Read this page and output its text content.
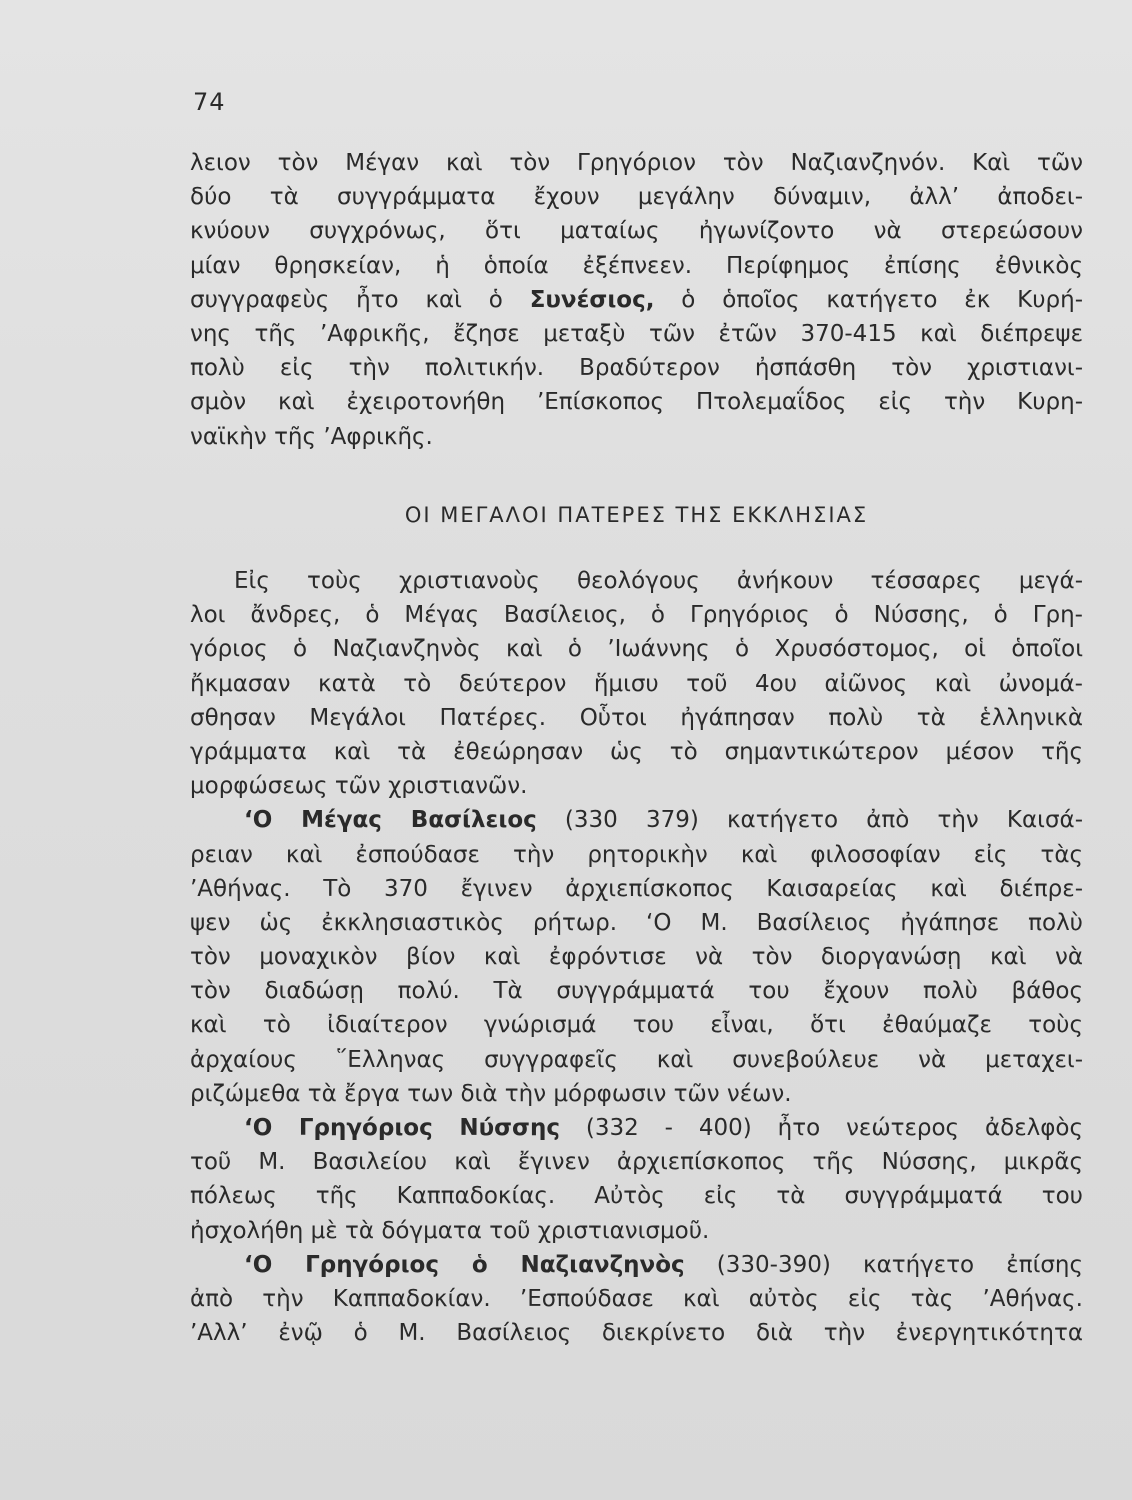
74
λειον τὸν Μέγαν καὶ τὸν Γρηγόριον τὸν Ναζιανζηνόν. Καὶ τῶν
δύο τὰ συγγράμματα ἔχουν μεγάλην δύναμιν, ἀλλ’ ἀποδει-
κνύουν συγχρόνως, ὅτι ματαίως ἠγωνίζοντο νὰ στερεώσουν
μίαν θρησκείαν, ἡ ὁποία ἐξέπνεεν. Περίφημος ἐπίσης ἐθνικὸς
συγγραφεὺς ἦτο καὶ ὁ Συνέσιος, ὁ ὁποῖος κατήγετο ἐκ Κυρή-
νης τῆς ’Αφρικῆς, ἔζησε μεταξὺ τῶν ἐτῶν 370-415 καὶ διέπρεψε
πολὺ εἰς τὴν πολιτικήν. Βραδύτερον ἠσπάσθη τὸν χριστιανι-
σμὸν καὶ ἐχειροτονήθη ’Επίσκοπος Πτολεμαΐδος εἰς τὴν Κυρη-
ναϊκὴν τῆς ’Αφρικῆς.
ΟΙ ΜΕΓΑΛΟΙ ΠΑΤΕΡΕΣ ΤΗΣ ΕΚΚΛΗΣΙΑΣ
Εἰς τοὺς χριστιανοὺς θεολόγους ἀνήκουν τέσσαρες μεγά-
λοι ἄνδρες, ὁ Μέγας Βασίλειος, ὁ Γρηγόριος ὁ Νύσσης, ὁ Γρη-
γόριος ὁ Ναζιανζηνὸς καὶ ὁ ’Ιωάννης ὁ Χρυσόστομος, οἱ ὁποῖοι
ἤκμασαν κατὰ τὸ δεύτερον ἥμισυ τοῦ 4ου αἰῶνος καὶ ὠνομά-
σθησαν Μεγάλοι Πατέρες. Οὗτοι ἠγάπησαν πολὺ τὰ ἑλληνικὰ
γράμματα καὶ τὰ ἐθεώρησαν ὡς τὸ σημαντικώτερον μέσον τῆς
μορφώσεως τῶν χριστιανῶν.
‘Ο Μέγας Βασίλειος (330 379) κατήγετο ἀπὸ τὴν Καισά-
ρειαν καὶ ἐσπούδασε τὴν ρητορικὴν καὶ φιλοσοφίαν εἰς τὰς
’Αθήνας. Τὸ 370 ἔγινεν ἀρχιεπίσκοπος Καισαρείας καὶ διέπρε-
ψεν ὡς ἐκκλησιαστικὸς ρήτωρ. ‘Ο Μ. Βασίλειος ἠγάπησε πολὺ
τὸν μοναχικὸν βίον καὶ ἐφρόντισε νὰ τὸν διοργανώσῃ καὶ νὰ
τὸν διαδώσῃ πολύ. Τὰ συγγράμματά του ἔχουν πολὺ βάθος
καὶ τὸ ἰδιαίτερον γνώρισμά του εἶναι, ὅτι ἐθαύμαζε τοὺς
ἀρχαίους ῞Ελληνας συγγραφεῖς καὶ συνεβούλευε νὰ μεταχει-
ριζώμεθα τὰ ἔργα των διὰ τὴν μόρφωσιν τῶν νέων.
‘Ο Γρηγόριος Νύσσης (332 - 400) ἦτο νεώτερος ἀδελφὸς
τοῦ Μ. Βασιλείου καὶ ἔγινεν ἀρχιεπίσκοπος τῆς Νύσσης, μικρᾶς
πόλεως τῆς Καππαδοκίας. Αὐτὸς εἰς τὰ συγγράμματά του
ἠσχολήθη μὲ τὰ δόγματα τοῦ χριστιανισμοῦ.
‘Ο Γρηγόριος ὁ Ναζιανζηνὸς (330-390) κατήγετο ἐπίσης
ἀπὸ τὴν Καππαδοκίαν. ’Εσπούδασε καὶ αὐτὸς εἰς τὰς ’Αθήνας.
’Αλλ’ ἐνῷ ὁ Μ. Βασίλειος διεκρίνετο διὰ τὴν ἐνεργητικότητα
